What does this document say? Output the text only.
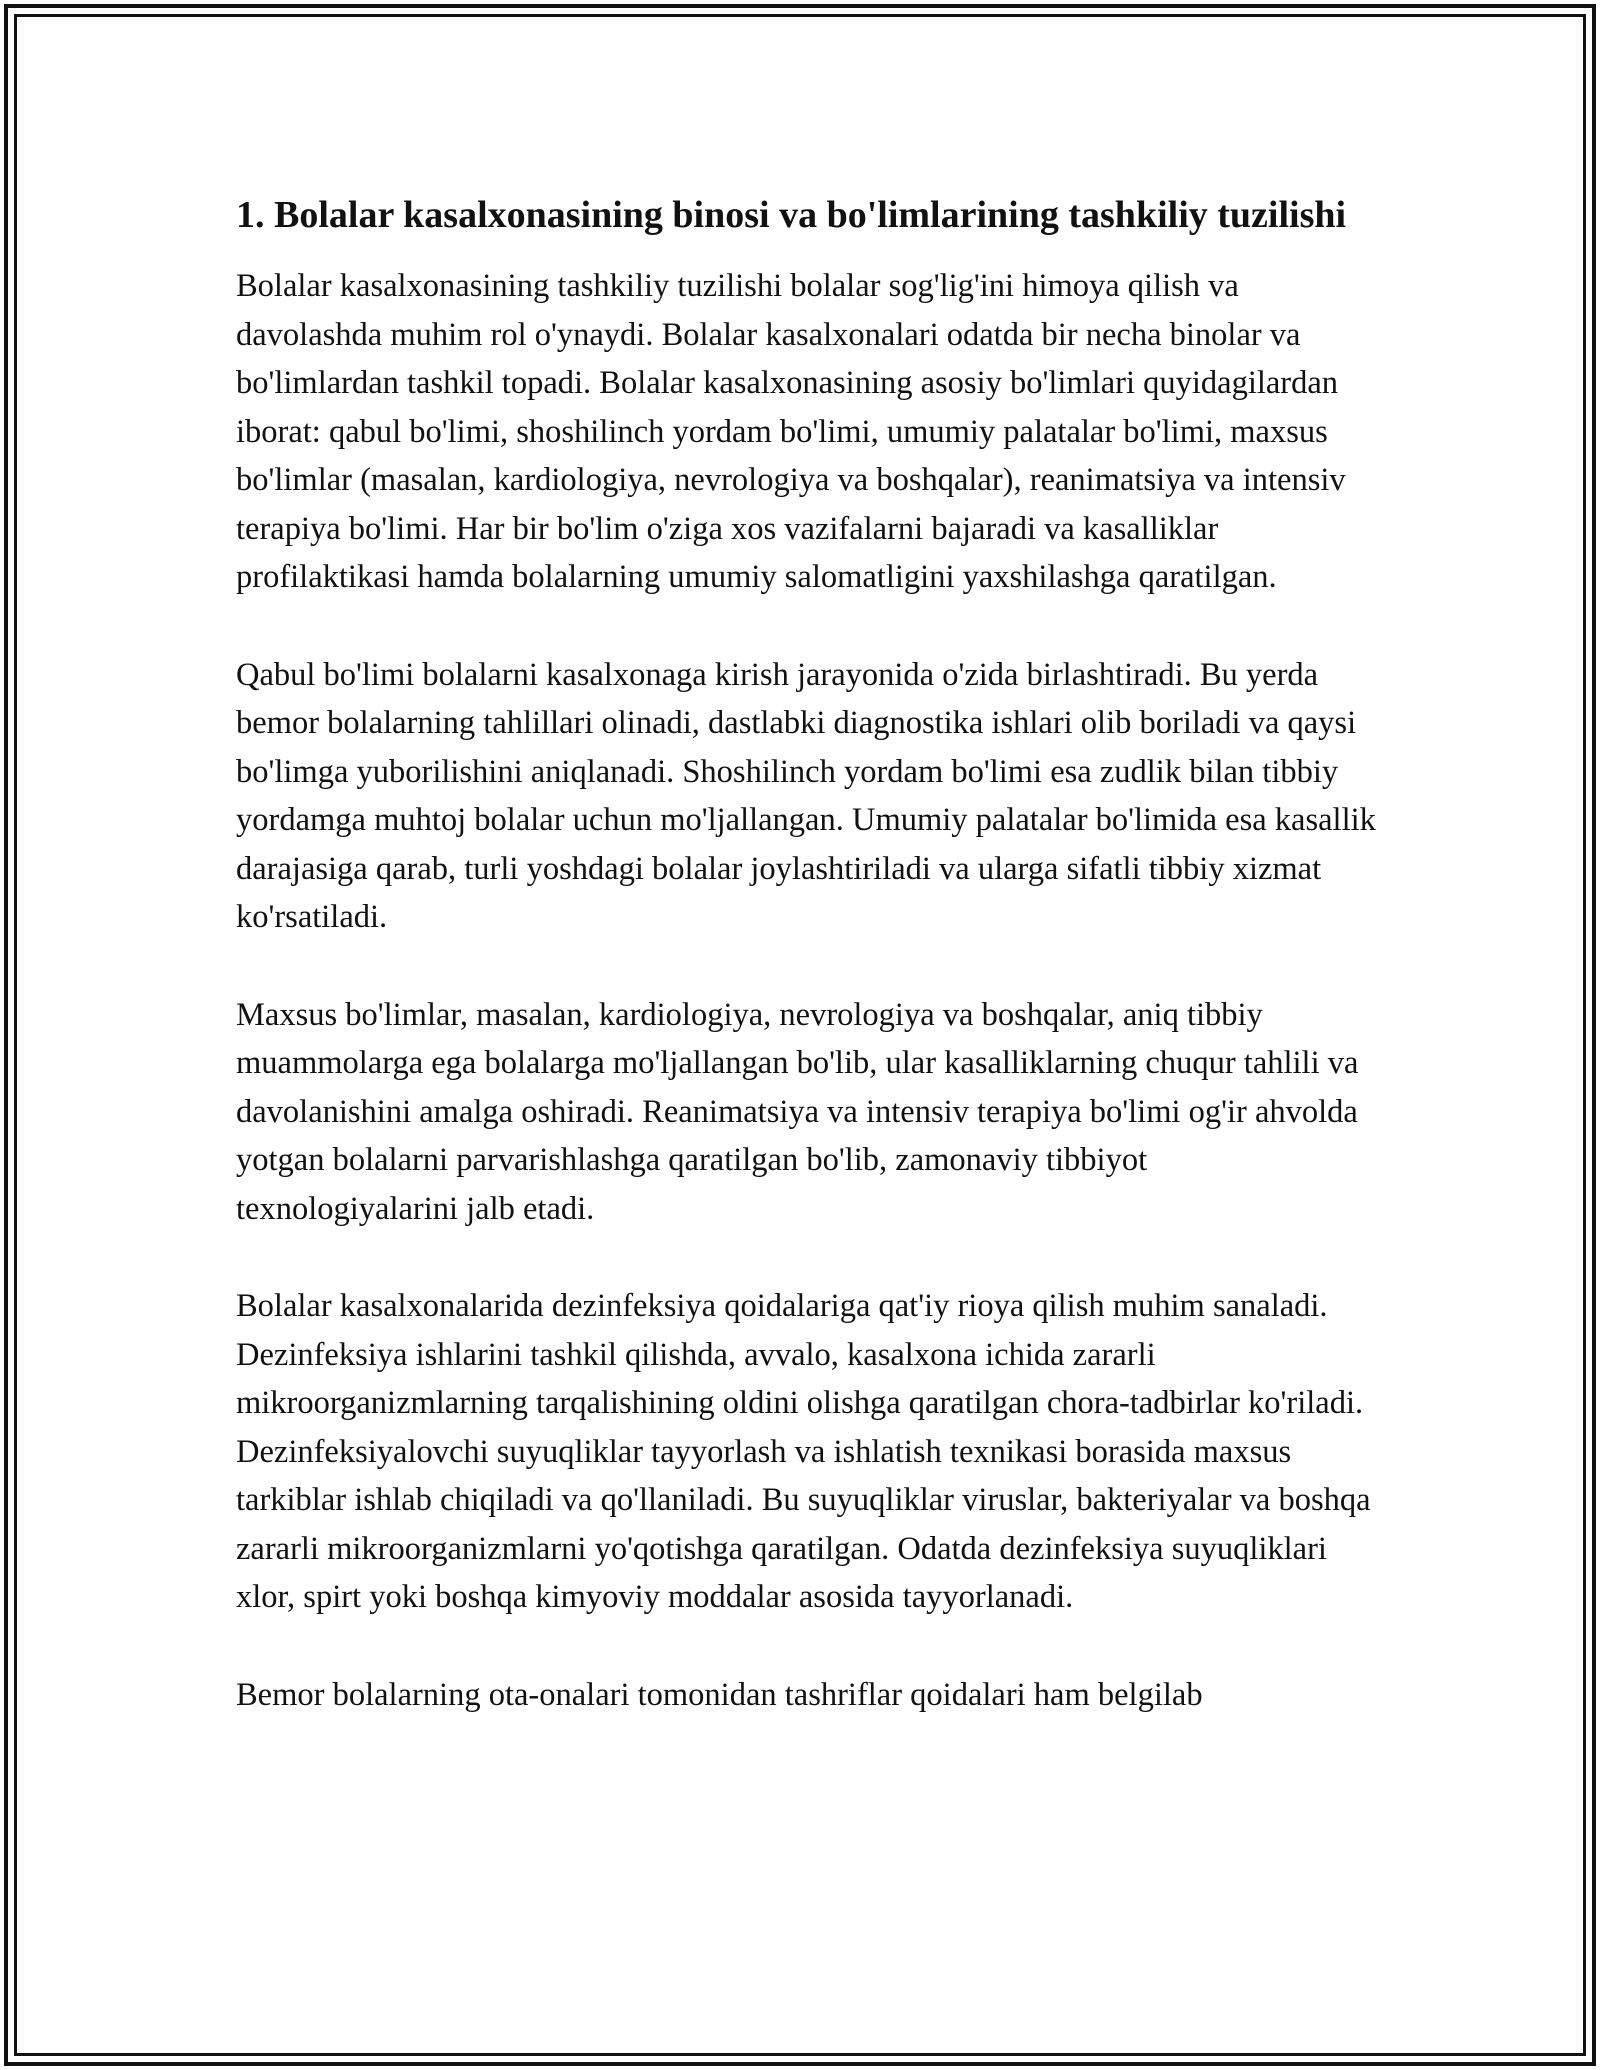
1. Bolalar kasalxonasining binosi va bo'limlarining tashkiliy tuzilishi

Bolalar kasalxonasining tashkiliy tuzilishi bolalar sog'lig'ini himoya qilish va davolashda muhim rol o'ynaydi. Bolalar kasalxonalari odatda bir necha binolar va bo'limlardan tashkil topadi. Bolalar kasalxonasining asosiy bo'limlari quyidagilardan iborat: qabul bo'limi, shoshilinch yordam bo'limi, umumiy palatalar bo'limi, maxsus bo'limlar (masalan, kardiologiya, nevrologiya va boshqalar), reanimatsiya va intensiv terapiya bo'limi. Har bir bo'lim o'ziga xos vazifalarni bajaradi va kasalliklar profilaktikasi hamda bolalarning umumiy salomatligini yaxshilashga qaratilgan.

Qabul bo'limi bolalarni kasalxonaga kirish jarayonida o'zida birlashtiradi. Bu yerda bemor bolalarning tahlillari olinadi, dastlabki diagnostika ishlari olib boriladi va qaysi bo'limga yuborilishini aniqlanadi. Shoshilinch yordam bo'limi esa zudlik bilan tibbiy yordamga muhtoj bolalar uchun mo'ljallangan. Umumiy palatalar bo'limida esa kasallik darajasiga qarab, turli yoshdagi bolalar joylashtiriladi va ularga sifatli tibbiy xizmat ko'rsatiladi.

Maxsus bo'limlar, masalan, kardiologiya, nevrologiya va boshqalar, aniq tibbiy muammolarga ega bolalarga mo'ljallangan bo'lib, ular kasalliklarning chuqur tahlili va davolanishini amalga oshiradi. Reanimatsiya va intensiv terapiya bo'limi og'ir ahvolda yotgan bolalarni parvarishlashga qaratilgan bo'lib, zamonaviy tibbiyot texnologiyalarini jalb etadi.

Bolalar kasalxonalarida dezinfeksiya qoidalariga qat'iy rioya qilish muhim sanaladi. Dezinfeksiya ishlarini tashkil qilishda, avvalo, kasalxona ichida zararli mikroorganizmlarning tarqalishining oldini olishga qaratilgan chora-tadbirlar ko'riladi. Dezinfeksiyalovchi suyuqliklar tayyorlash va ishlatish texnikasi borasida maxsus tarkiblar ishlab chiqiladi va qo'llaniladi. Bu suyuqliklar viruslar, bakteriyalar va boshqa zararli mikroorganizmlarni yo'qotishga qaratilgan. Odatda dezinfeksiya suyuqliklari xlor, spirt yoki boshqa kimyoviy moddalar asosida tayyorlanadi.

Bemor bolalarning ota-onalari tomonidan tashriflar qoidalari ham belgilab
